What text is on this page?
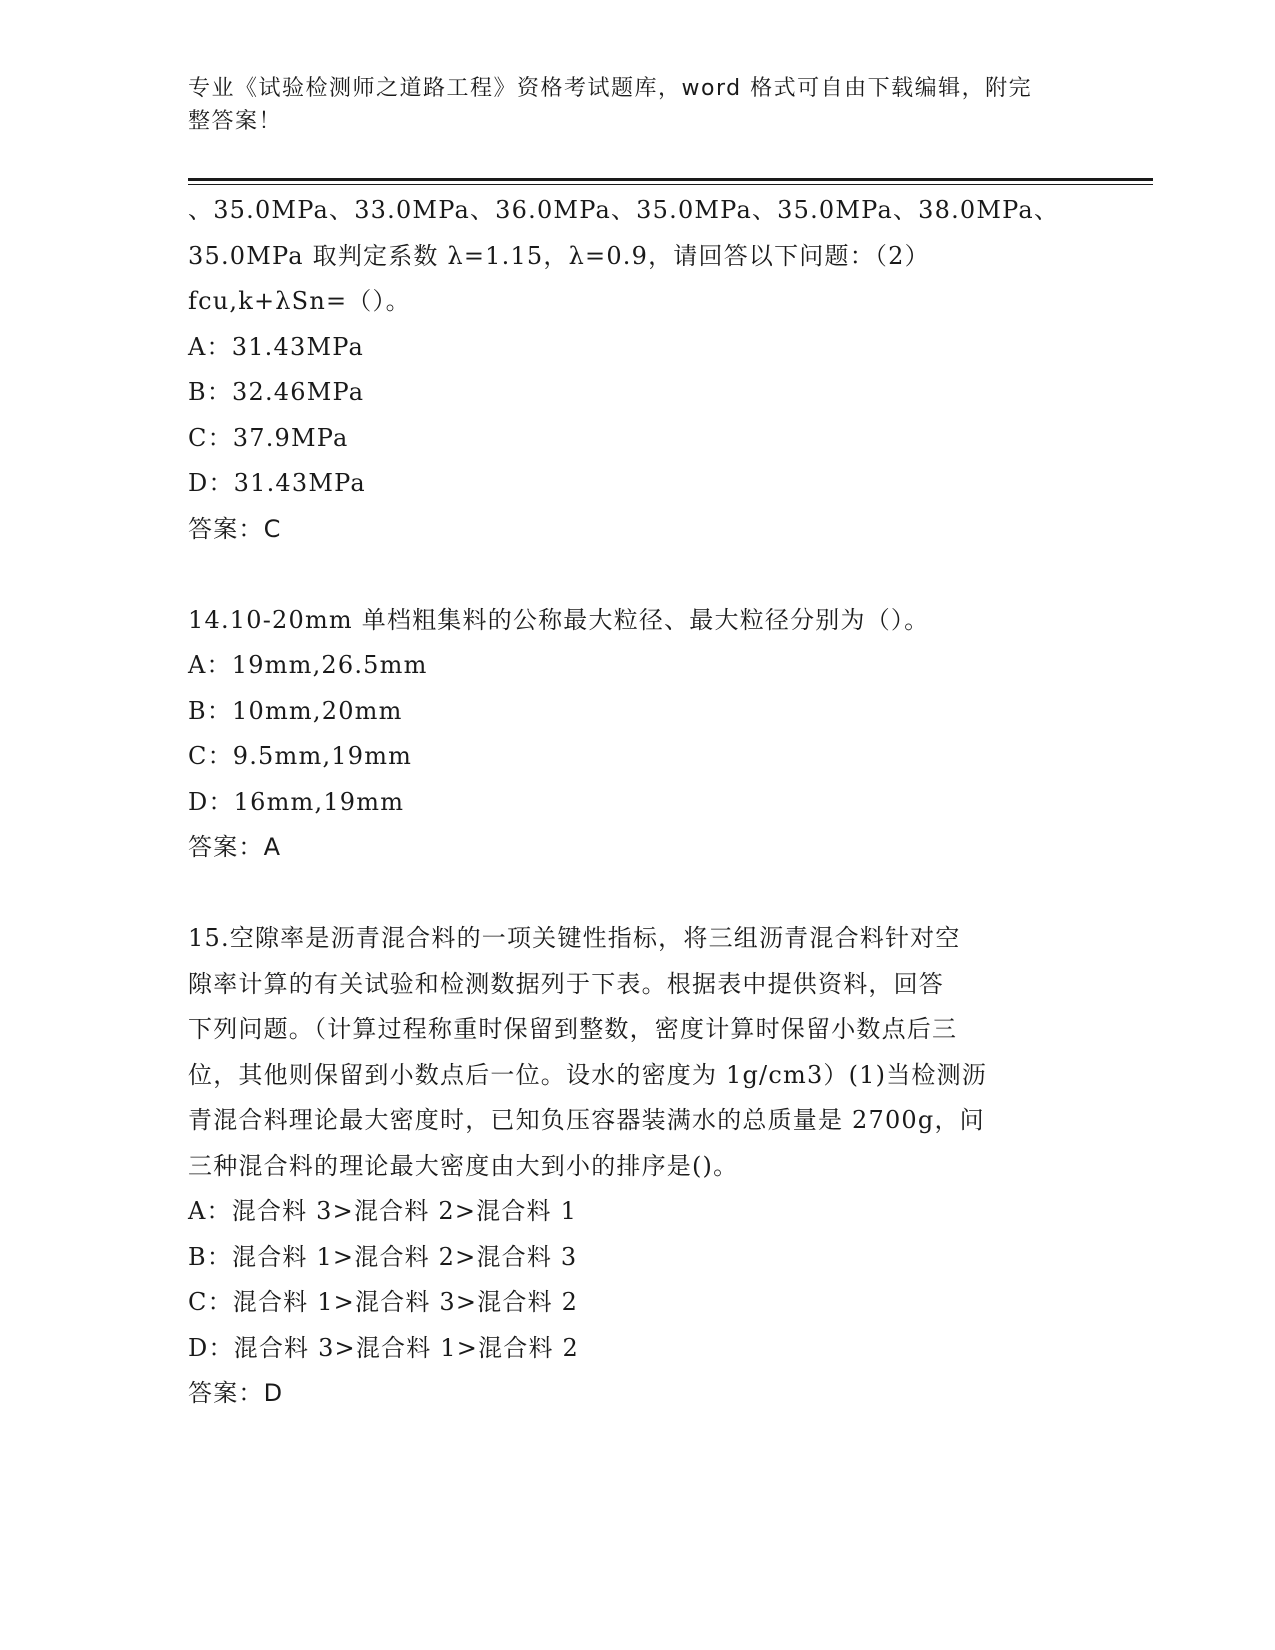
专业《试验检测师之道路工程》资格考试题库，word 格式可自由下载编辑，附完
整答案！
、35.0MPa、33.0MPa、36.0MPa、35.0MPa、35.0MPa、38.0MPa、
35.0MPa 取判定系数 λ=1.15，λ=0.9，请回答以下问题：（2）
fcu,k+λSn=（）。
A：31.43MPa
B：32.46MPa
C：37.9MPa
D：31.43MPa
答案：C
14.10-20mm 单档粗集料的公称最大粒径、最大粒径分别为（）。
A：19mm,26.5mm
B：10mm,20mm
C：9.5mm,19mm
D：16mm,19mm
答案：A
15.空隙率是沥青混合料的一项关键性指标，将三组沥青混合料针对空
隙率计算的有关试验和检测数据列于下表。根据表中提供资料，回答
下列问题。（计算过程称重时保留到整数，密度计算时保留小数点后三
位，其他则保留到小数点后一位。设水的密度为 1g/cm3）(1)当检测沥
青混合料理论最大密度时，已知负压容器装满水的总质量是 2700g，问
三种混合料的理论最大密度由大到小的排序是()。
A：混合料 3>混合料 2>混合料 1
B：混合料 1>混合料 2>混合料 3
C：混合料 1>混合料 3>混合料 2
D：混合料 3>混合料 1>混合料 2
答案：D
